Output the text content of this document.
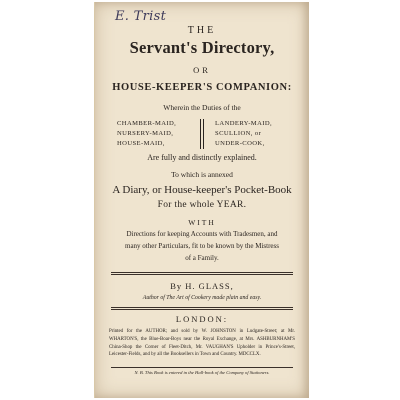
E. Trist
THE
Servant's Directory,
OR
HOUSE-KEEPER'S COMPANION:
Wherein the Duties of the
CHAMBER-MAID,
NURSERY-MAID,
HOUSE-MAID,
LANDERY-MAID,
SCULLION, or
UNDER-COOK,
Are fully and distinctly explained.
To which is annexed
A Diary, or House-keeper's Pocket-Book
For the whole YEAR.
WITH
Directions for keeping Accounts with Tradesmen, and
many other Particulars, fit to be known by the Mistress
of a Family.
By H. GLASS,
Author of The Art of Cookery made plain and easy.
LONDON:
Printed for the AUTHOR; and sold by W. JOHNSTON in Ludgate-Street; at Mr. WHARTON'S, the Blue-Boar-Boys near the Royal Exchange, at Mrs. ASHBURNHAM'S China-Shop the Corner of Fleet-Ditch, Mr. VAUGHAN'S Upholder in Prince's-Street, Leicester-Fields, and by all the Booksellers in Town and Country. MDCCLX.
N. B. This Book is entered in the Hall-book of the Company of Stationers.
